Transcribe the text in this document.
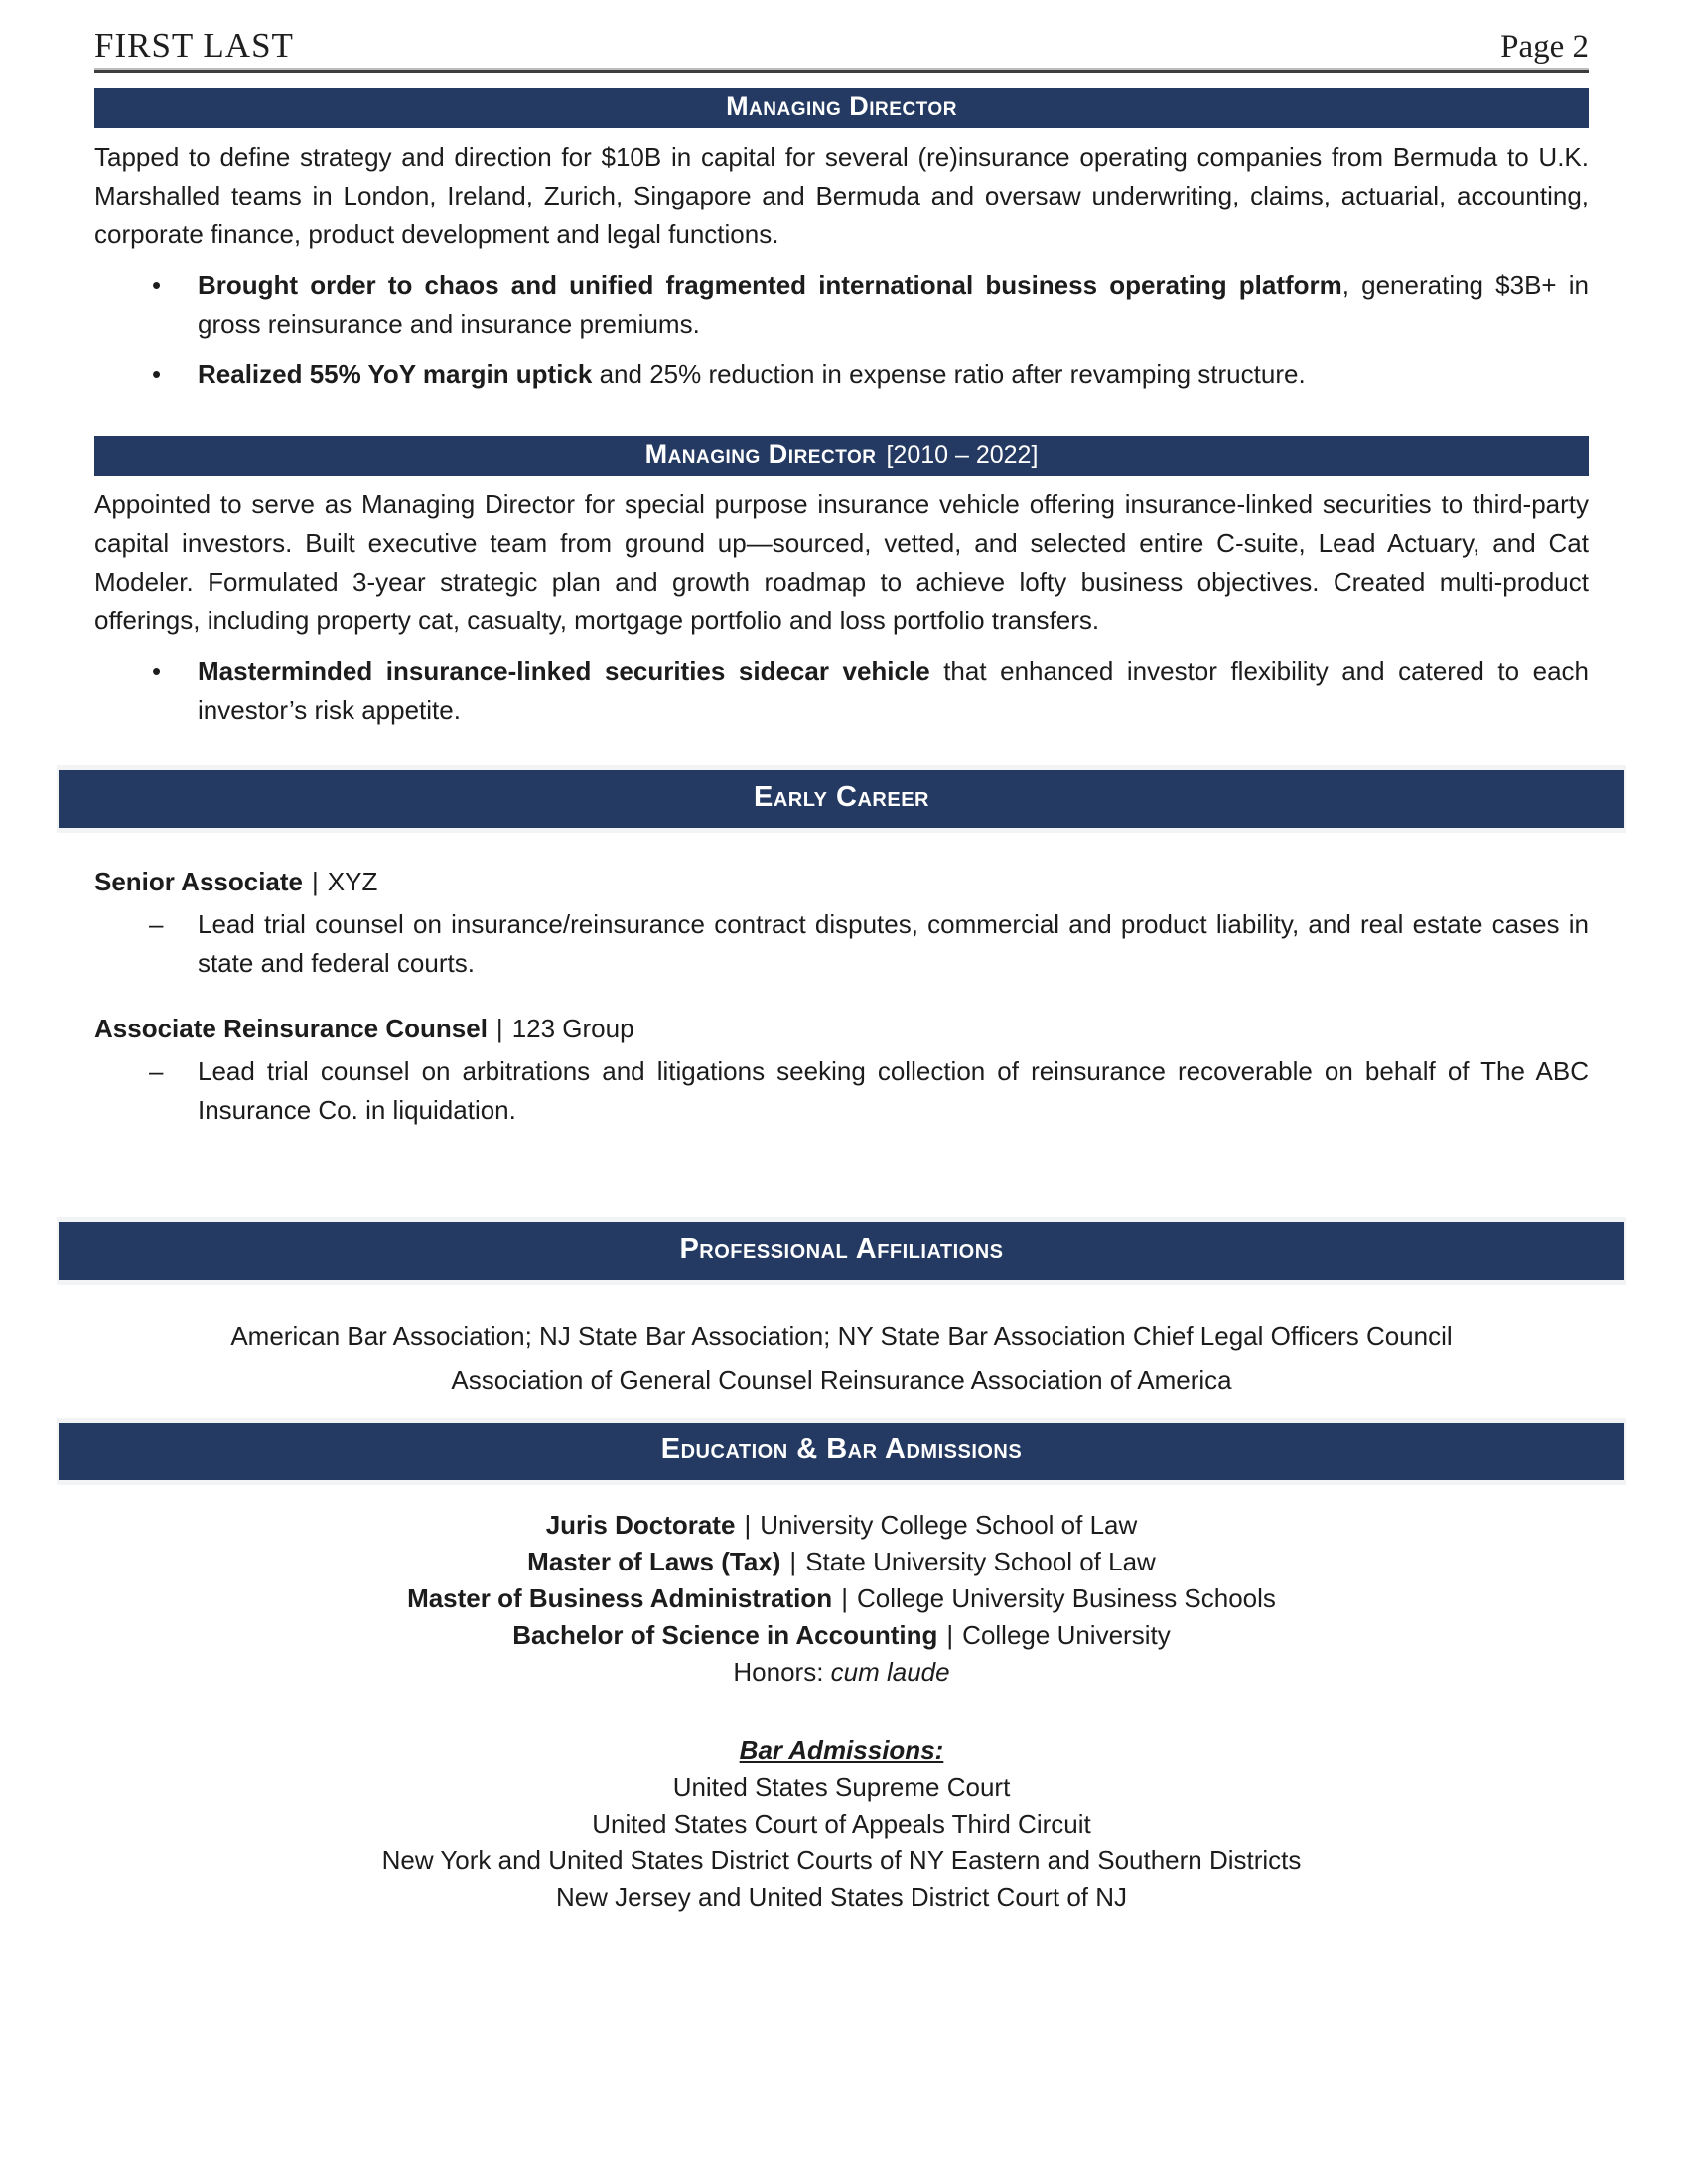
FIRST LAST	Page 2
Managing Director

Tapped to define strategy and direction for $10B in capital for several (re)insurance operating companies from Bermuda to U.K. Marshalled teams in London, Ireland, Zurich, Singapore and Bermuda and oversaw underwriting, claims, actuarial, accounting, corporate finance, product development and legal functions.

• Brought order to chaos and unified fragmented international business operating platform, generating $3B+ in gross reinsurance and insurance premiums.
• Realized 55% YoY margin uptick and 25% reduction in expense ratio after revamping structure.
Managing Director [2010 – 2022]

Appointed to serve as Managing Director for special purpose insurance vehicle offering insurance-linked securities to third-party capital investors. Built executive team from ground up—sourced, vetted, and selected entire C-suite, Lead Actuary, and Cat Modeler. Formulated 3-year strategic plan and growth roadmap to achieve lofty business objectives. Created multi-product offerings, including property cat, casualty, mortgage portfolio and loss portfolio transfers.

• Masterminded insurance-linked securities sidecar vehicle that enhanced investor flexibility and catered to each investor’s risk appetite.
Early Career
Senior Associate | XYZ
– Lead trial counsel on insurance/reinsurance contract disputes, commercial and product liability, and real estate cases in state and federal courts.
Associate Reinsurance Counsel | 123 Group
– Lead trial counsel on arbitrations and litigations seeking collection of reinsurance recoverable on behalf of The ABC Insurance Co. in liquidation.
Professional Affiliations
American Bar Association; NJ State Bar Association; NY State Bar Association Chief Legal Officers Council
Association of General Counsel Reinsurance Association of America
Education & Bar Admissions
Juris Doctorate | University College School of Law
Master of Laws (Tax) | State University School of Law
Master of Business Administration | College University Business Schools
Bachelor of Science in Accounting | College University
Honors: cum laude
Bar Admissions:
United States Supreme Court
United States Court of Appeals Third Circuit
New York and United States District Courts of NY Eastern and Southern Districts
New Jersey and United States District Court of NJ
